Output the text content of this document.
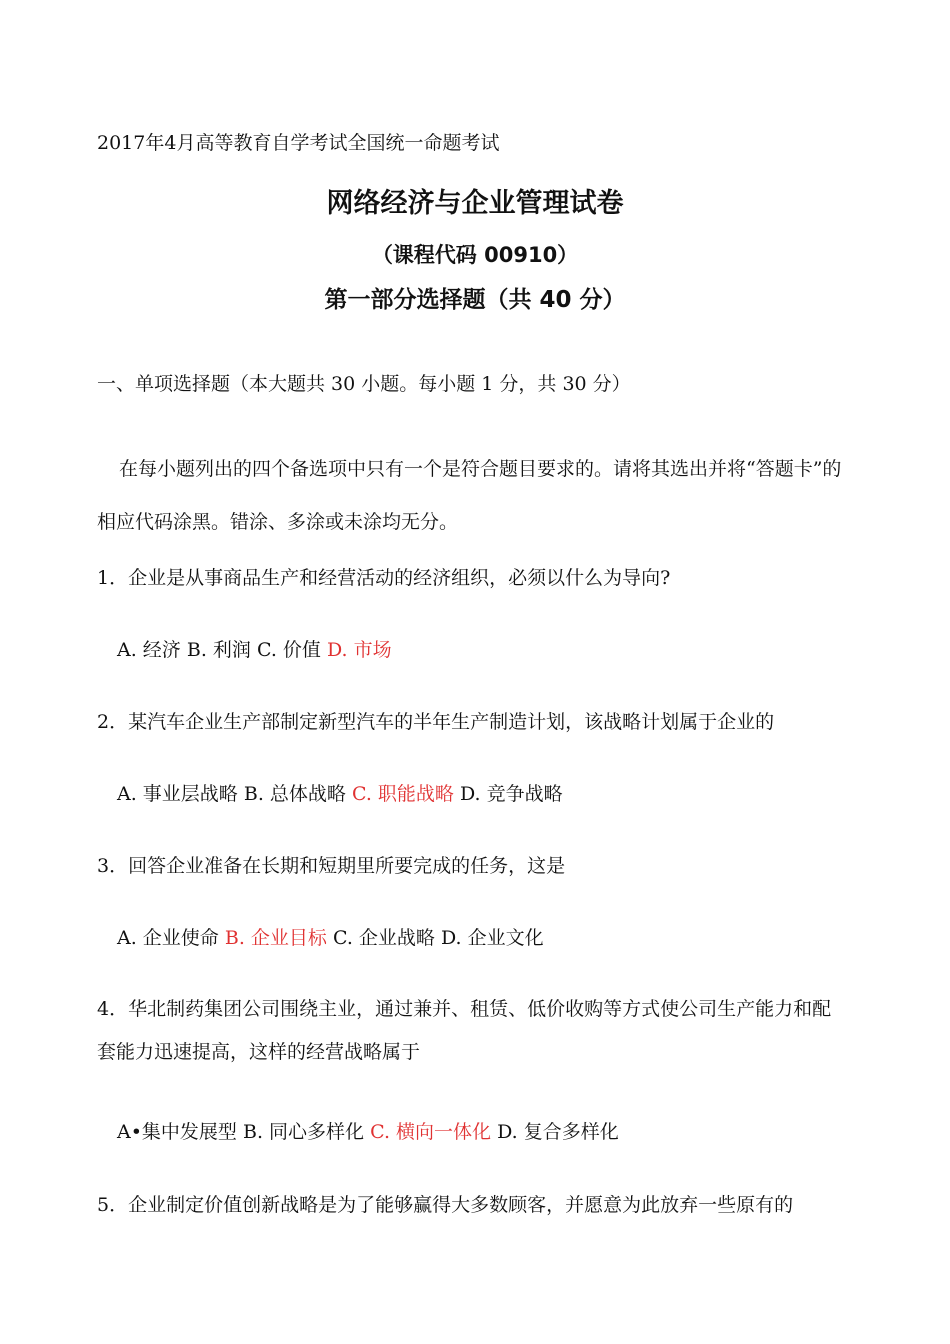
2017年4月高等教育自学考试全国统一命题考试
网络经济与企业管理试卷
（课程代码 00910）
第一部分选择题（共 40 分）
一、单项选择题（本大题共 30 小题。每小题 1 分，共 30 分）
在每小题列出的四个备选项中只有一个是符合题目要求的。请将其选出并将“答题卡”的相应代码涂黑。错涂、多涂或未涂均无分。
1．企业是从事商品生产和经营活动的经济组织，必须以什么为导向?
A. 经济 B. 利润 C. 价值 D. 市场
2．某汽车企业生产部制定新型汽车的半年生产制造计划，该战略计划属于企业的
A. 事业层战略 B. 总体战略 C. 职能战略 D. 竞争战略
3．回答企业准备在长期和短期里所要完成的任务，这是
A. 企业使命 B. 企业目标 C. 企业战略 D. 企业文化
4．华北制药集团公司围绕主业，通过兼并、租赁、低价收购等方式使公司生产能力和配套能力迅速提高，这样的经营战略属于
A•集中发展型 B. 同心多样化 C. 横向一体化 D. 复合多样化
5．企业制定价值创新战略是为了能够赢得大多数顾客，并愿意为此放弃一些原有的
